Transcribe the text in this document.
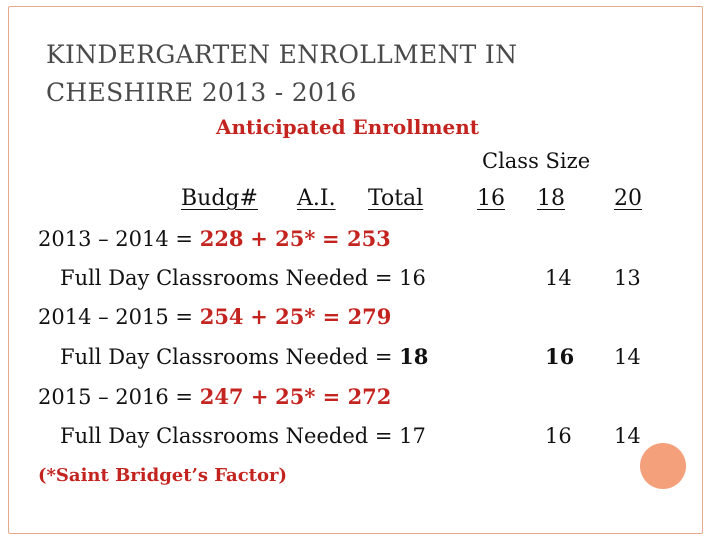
KINDERGARTEN ENROLLMENT IN
CHESHIRE 2013 - 2016
Anticipated Enrollment
Class Size
Budg# A.I. Total 16 18 20
2013 – 2014 = 228 + 25* = 253
Full Day Classrooms Needed = 16	14 13
2014 – 2015 = 254 + 25* = 279
Full Day Classrooms Needed = 18	16 14
2015 – 2016 = 247 + 25* = 272
Full Day Classrooms Needed = 17	16 14
(*Saint Bridget’s Factor)
